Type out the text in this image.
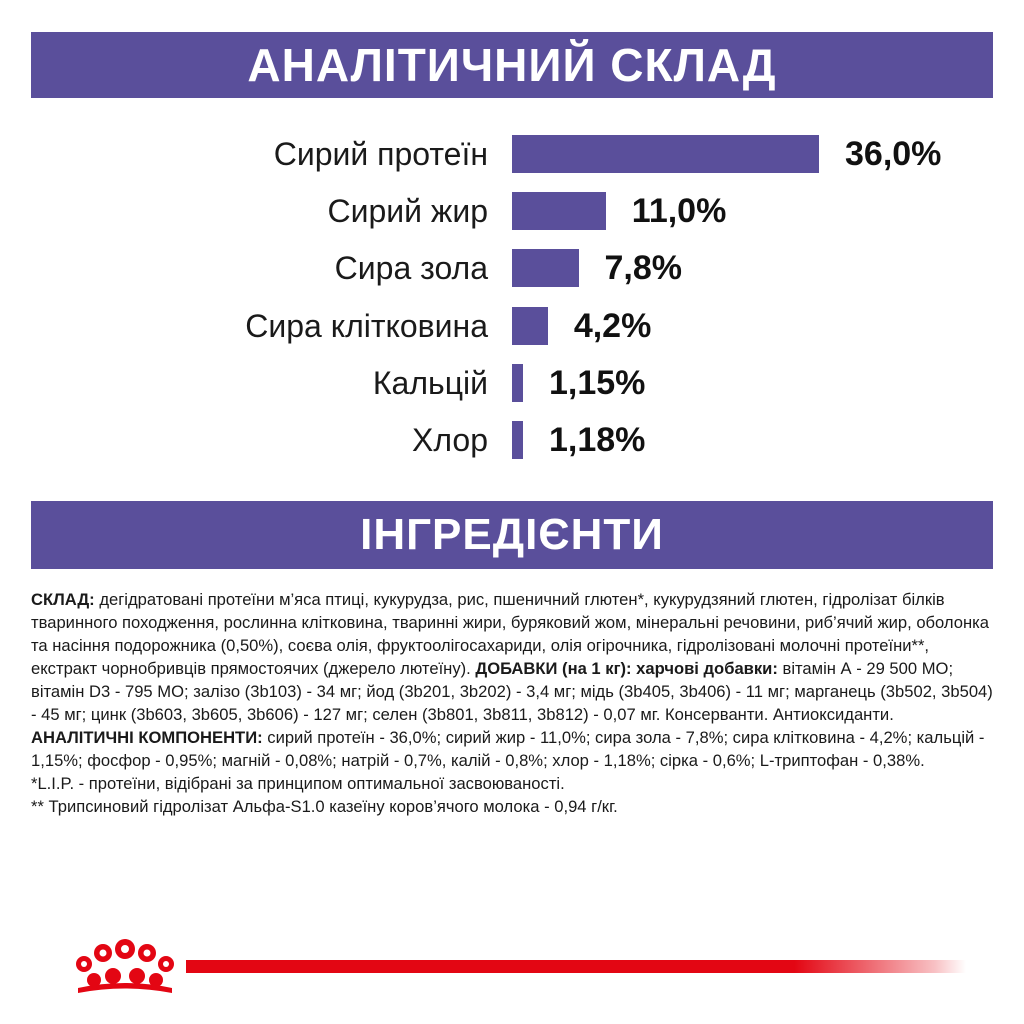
АНАЛІТИЧНИЙ СКЛАД
Сирий протеїн	36,0%
Сирий жир	11,0%
Сира зола	7,8%
Сира клітковина	4,2%
Кальцій 1,15%
Хлор 1,18%
ІНГРЕДІЄНТИ

СКЛАД: дегідратовані протеїни м’яса птиці, кукурудза, рис, пшеничний глютен*, кукурудзяний глютен, гідролізат білків тваринного походження, рослинна клітковина, тваринні жири, буряковий жом, мінеральні речовини, риб’ячий жир, оболонка та насіння подорожника (0,50%), соєва олія, фруктоолігосахариди, олія огірочника, гідролізовані молочні протеїни**, екстракт чорнобривців прямостоячих (джерело лютеїну). ДОБАВКИ (на 1 кг): харчові добавки: вітамін А - 29 500 МО; вітамін D3 - 795 МО; залізо (3b103) - 34 мг; йод (3b201, 3b202) - 3,4 мг; мідь (3b405, 3b406) - 11 мг; марганець (3b502, 3b504) - 45 мг; цинк (3b603, 3b605, 3b606) - 127 мг; селен (3b801, 3b811, 3b812) - 0,07 мг. Консерванти. Антиоксиданти. АНАЛІТИЧНІ КОМПОНЕНТИ: сирий протеїн - 36,0%; сирий жир - 11,0%; сира зола - 7,8%; сира клітковина - 4,2%; кальцій - 1,15%; фосфор - 0,95%; магній - 0,08%; натрій - 0,7%, калій - 0,8%; хлор - 1,18%; сірка - 0,6%; L-триптофан - 0,38%.

*L.I.P. - протеїни, відібрані за принципом оптимальної засвоюваності.

** Трипсиновий гідролізат Альфа-S1.0 казеїну коров’ячого молока - 0,94 г/кг.
